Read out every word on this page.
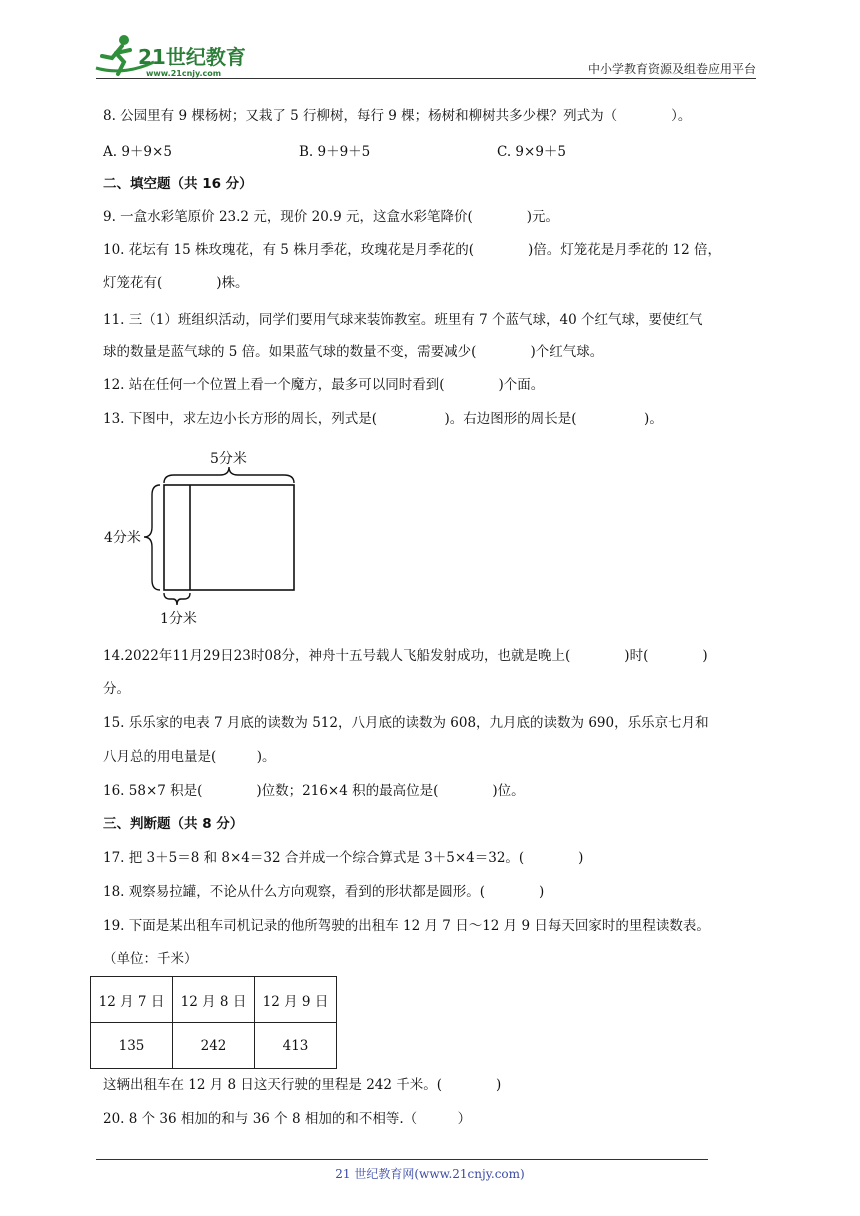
21世纪教育
www.21cnjy.com	中小学教育资源及组卷应用平台
8. 公园里有 9 棵杨树；又栽了 5 行柳树，每行 9 棵；杨树和柳树共多少棵？列式为（　　　　）。
A. 9＋9×5	B. 9＋9＋5	C. 9×9＋5
二、填空题（共 16 分）
9. 一盒水彩笔原价 23.2 元，现价 20.9 元，这盒水彩笔降价(　　　　)元。
10. 花坛有 15 株玫瑰花，有 5 株月季花，玫瑰花是月季花的(　　　　)倍。灯笼花是月季花的 12 倍，
灯笼花有(　　　　)株。
11. 三（1）班组织活动，同学们要用气球来装饰教室。班里有 7 个蓝气球，40 个红气球，要使红气
球的数量是蓝气球的 5 倍。如果蓝气球的数量不变，需要减少(　　　　)个红气球。
12. 站在任何一个位置上看一个魔方，最多可以同时看到(　　　　)个面。
13. 下图中，求左边小长方形的周长，列式是(　　　　　)。右边图形的周长是(　　　　　)。
5分米
4分米
1分米
14.2022年11月29日23时08分，神舟十五号载人飞船发射成功，也就是晚上(　　　　)时(　　　　)
分。
15. 乐乐家的电表 7 月底的读数为 512，八月底的读数为 608，九月底的读数为 690，乐乐京七月和
八月总的用电量是(　　　)。
16. 58×7 积是(　　　　)位数；216×4 积的最高位是(　　　　)位。
三、判断题（共 8 分）
17. 把 3＋5＝8 和 8×4＝32 合并成一个综合算式是 3＋5×4＝32。(　　　　)
18. 观察易拉罐，不论从什么方向观察，看到的形状都是圆形。(　　　　)
19. 下面是某出租车司机记录的他所驾驶的出租车 12 月 7 日～12 月 9 日每天回家时的里程读数表。
（单位：千米）
12 月 7 日	12 月 8 日	12 月 9 日
135	242	413
这辆出租车在 12 月 8 日这天行驶的里程是 242 千米。(　　　　)
20. 8 个 36 相加的和与 36 个 8 相加的和不相等.（　　　）
21 世纪教育网(www.21cnjy.com)
